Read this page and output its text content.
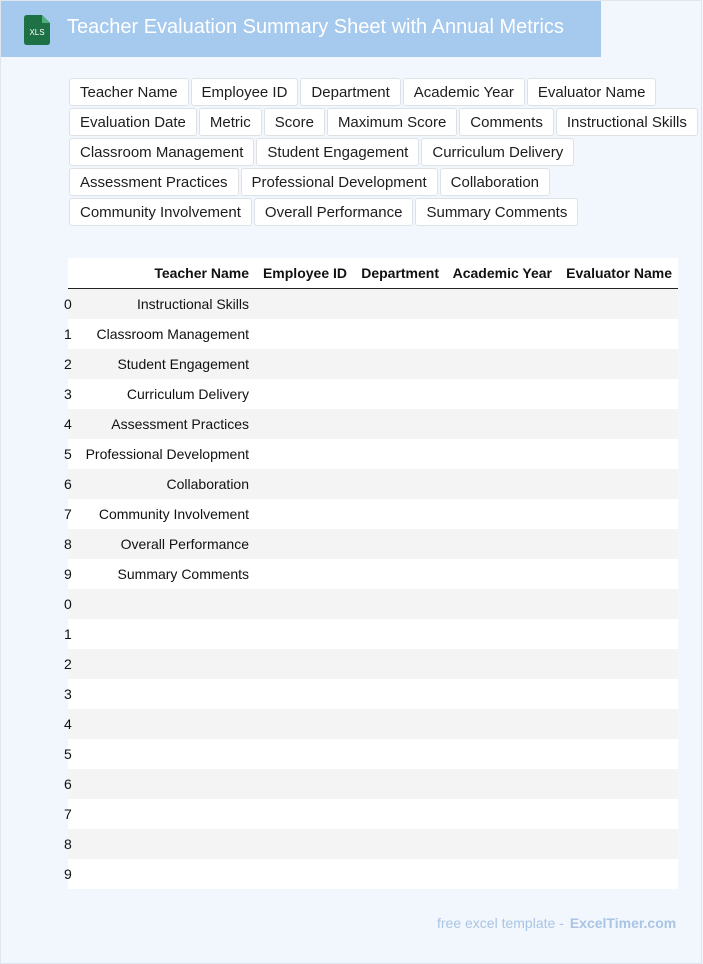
XLS Teacher Evaluation Summary Sheet with Annual Metrics
Teacher Name	Employee ID	Department	Academic Year	Evaluator Name
Evaluation Date	Metric	Score	Maximum Score	Comments	Instructional Skills
Classroom Management	Student Engagement	Curriculum Delivery
Assessment Practices	Professional Development	Collaboration
Community Involvement	Overall Performance	Summary Comments
Teacher Name	Employee ID	Department	Academic Year	Evaluator Name

0 Instructional Skills				

1 Classroom Management				

2 Student Engagement				

3 Curriculum Delivery				

4 Assessment Practices				

5 Professional Development				

6 Collaboration				

7 Community Involvement				

8 Overall Performance				

9 Summary Comments				

0				

1				

2				

3				

4				

5				

6				

7				

8				

9				

free excel template - ExcelTimer.com
